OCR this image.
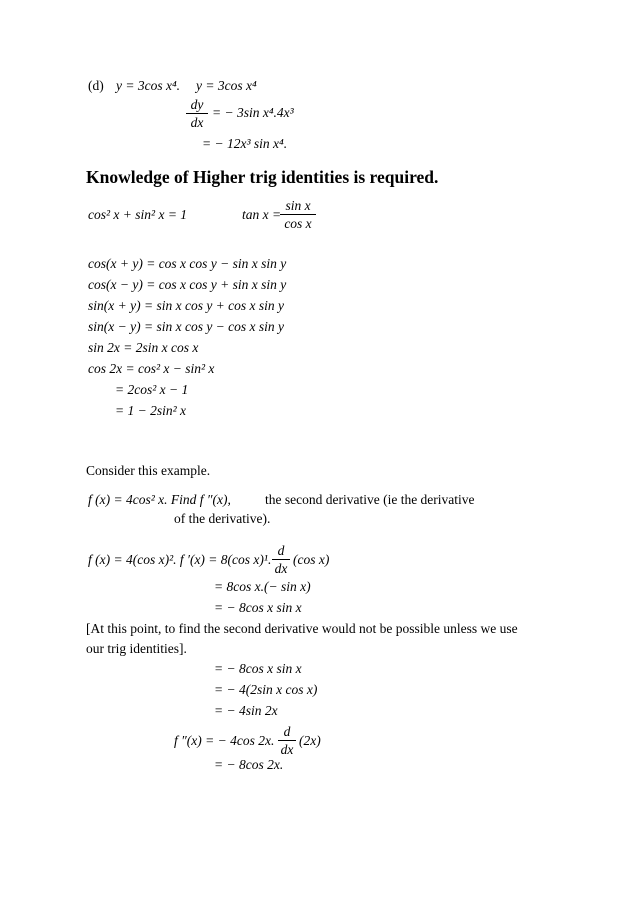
(d) y = 3cos x⁴. y = 3cos x⁴
dy
dx
= − 3sin x⁴.4x³
= − 12x³ sin x⁴.
Knowledge of Higher trig identities is required.
cos² x + sin² x = 1	tan x =
sin x
cos x
cos(x + y) = cos x cos y − sin x sin y
cos(x − y) = cos x cos y + sin x sin y
sin(x + y) = sin x cos y + cos x sin y
sin(x − y) = sin x cos y − cos x sin y
sin 2x = 2sin x cos x
cos 2x = cos² x − sin² x
= 2cos² x − 1
= 1 − 2sin² x
Consider this example.
f (x) = 4cos² x. Find f ″(x),	the second derivative (ie the derivative
of the derivative).
f (x) = 4(cos x)². f ′(x) = 8(cos x)¹.
d
dx
(cos x)
= 8cos x.(− sin x)
= − 8cos x sin x
[At this point, to find the second derivative would not be possible unless we use
our trig identities].
= − 8cos x sin x
= − 4(2sin x cos x)
= − 4sin 2x
f ″(x) = − 4cos 2x.
d
dx
(2x)
= − 8cos 2x.
